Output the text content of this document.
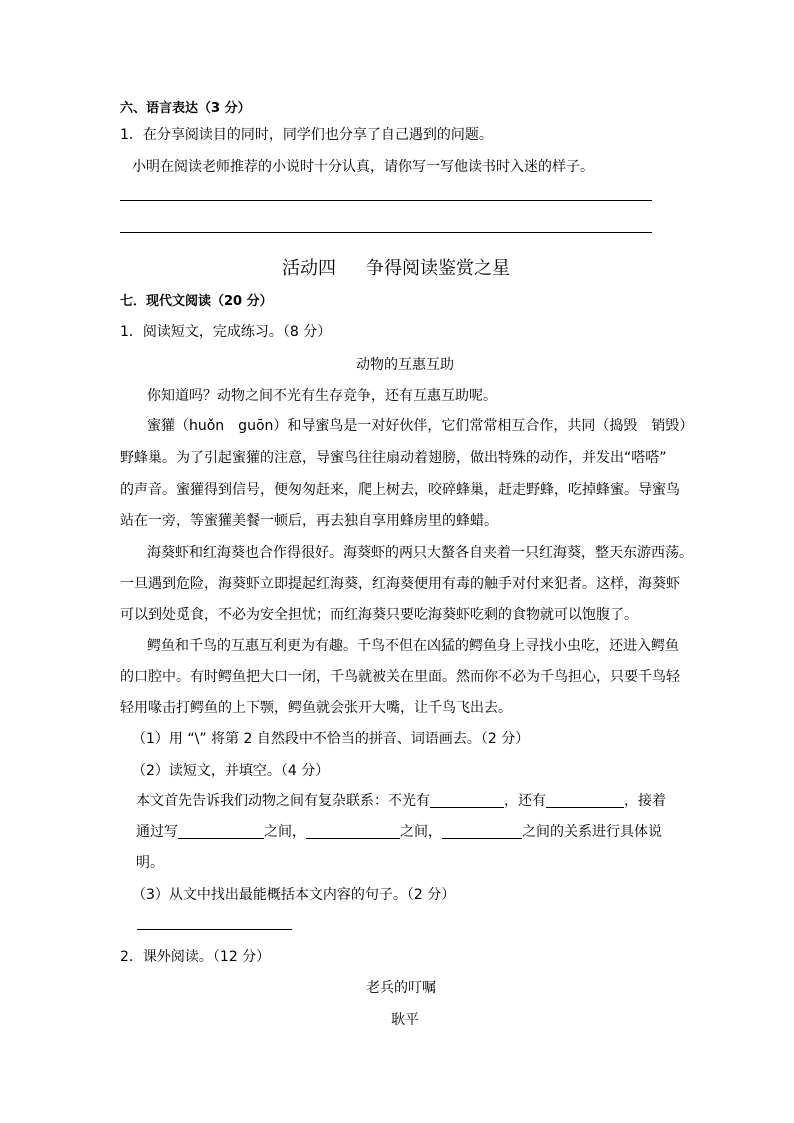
六、语言表达（3 分）
1．在分享阅读目的同时，同学们也分享了自己遇到的问题。
小明在阅读老师推荐的小说时十分认真，请你写一写他读书时入迷的样子。
活动四 争得阅读鉴赏之星
七．现代文阅读（20 分）
1．阅读短文，完成练习。（8 分）
动物的互惠互助
你知道吗？动物之间不光有生存竞争，还有互惠互助呢。
蜜獾（huǒn　guōn）和导蜜鸟是一对好伙伴，它们常常相互合作，共同（捣毁　销毁）
野蜂巢。为了引起蜜獾的注意，导蜜鸟往往扇动着翅膀，做出特殊的动作，并发出“嗒嗒”
的声音。蜜獾得到信号，便匆匆赶来，爬上树去，咬碎蜂巢，赶走野蜂，吃掉蜂蜜。导蜜鸟
站在一旁，等蜜獾美餐一顿后，再去独自享用蜂房里的蜂蜡。
海葵虾和红海葵也合作得很好。海葵虾的两只大螯各自夹着一只红海葵，整天东游西荡。
一旦遇到危险，海葵虾立即提起红海葵，红海葵便用有毒的触手对付来犯者。这样，海葵虾
可以到处觅食，不必为安全担忧；而红海葵只要吃海葵虾吃剩的食物就可以饱腹了。
鳄鱼和千鸟的互惠互利更为有趣。千鸟不但在凶猛的鳄鱼身上寻找小虫吃，还进入鳄鱼
的口腔中。有时鳄鱼把大口一闭，千鸟就被关在里面。然而你不必为千鸟担心，只要千鸟轻
轻用喙击打鳄鱼的上下颚，鳄鱼就会张开大嘴，让千鸟飞出去。
（1）用 “\” 将第 2 自然段中不恰当的拼音、词语画去。（2 分）
（2）读短文，并填空。（4 分）
本文首先告诉我们动物之间有复杂联系：不光有	，还有	，接着
通过写	之间，	之间，	之间的关系进行具体说
明。
（3）从文中找出最能概括本文内容的句子。（2 分）
2．课外阅读。（12 分）
老兵的叮嘱
耿平
